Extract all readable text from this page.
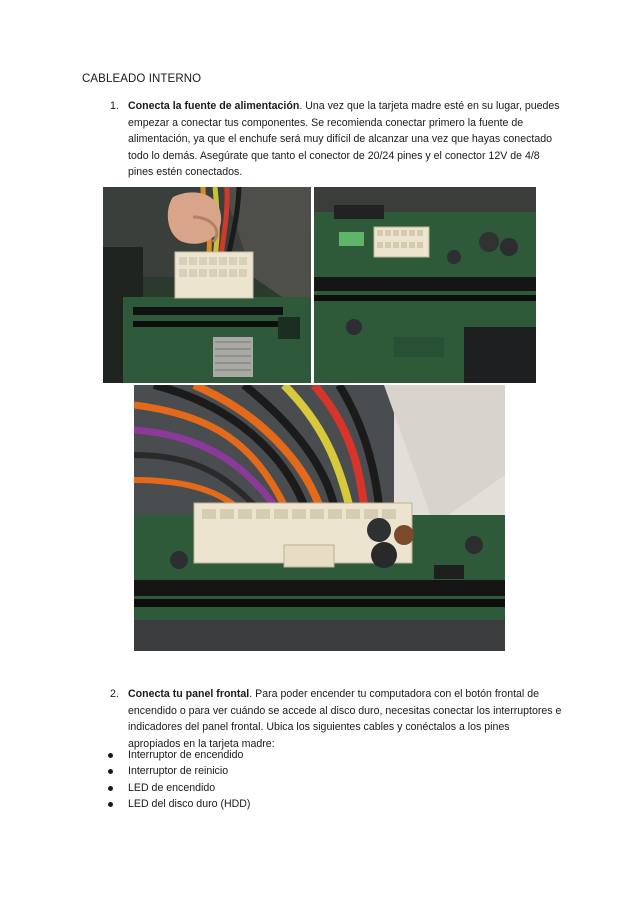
CABLEADO INTERNO
1. Conecta la fuente de alimentación. Una vez que la tarjeta madre esté en su lugar, puedes empezar a conectar tus componentes. Se recomienda conectar primero la fuente de alimentación, ya que el enchufe será muy difícil de alcanzar una vez que hayas conectado todo lo demás. Asegúrate que tanto el conector de 20/24 pines y el conector 12V de 4/8 pines estén conectados.
2. Conecta tu panel frontal. Para poder encender tu computadora con el botón frontal de encendido o para ver cuándo se accede al disco duro, necesitas conectar los interruptores e indicadores del panel frontal. Ubica los siguientes cables y conéctalos a los pines apropiados en la tarjeta madre:
Interruptor de encendido
Interruptor de reinicio
LED de encendido
LED del disco duro (HDD)
